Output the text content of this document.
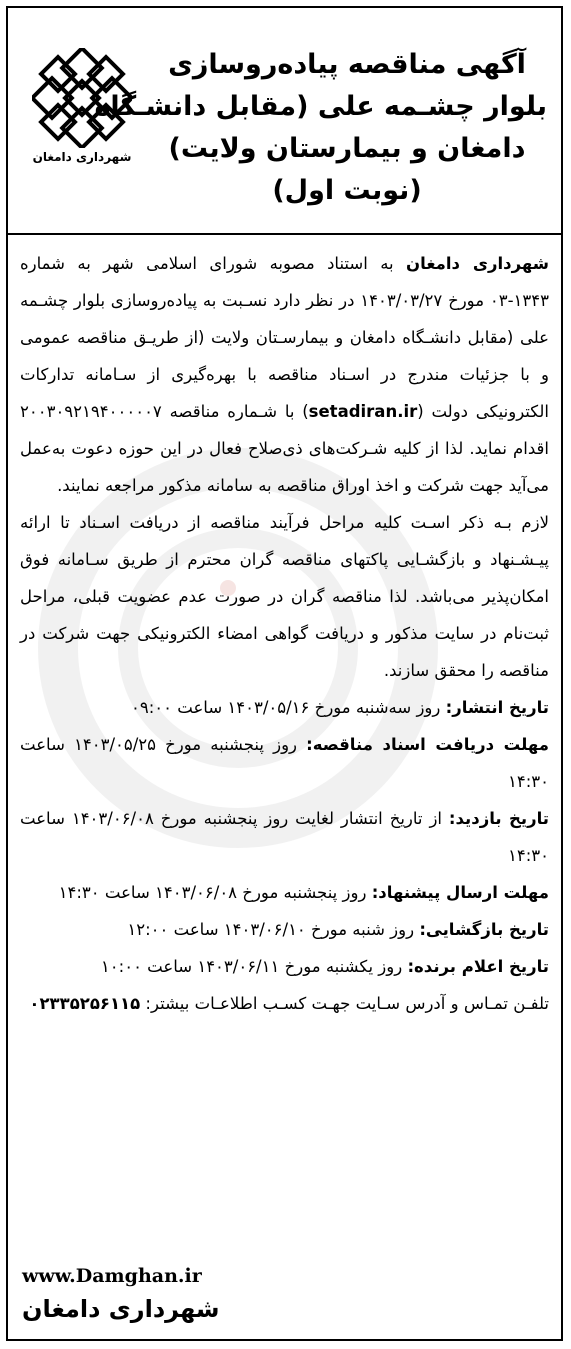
شهرداری دامغان
آگهی مناقصه پیاده‌روسازی
بلوار چشـمه علی (مقابل دانشـگاه
دامغان و بیمارستان ولایت)
(نوبت اول)

شهرداری دامغان به استناد مصوبه شورای اسلامی شهر به شماره ۱۳۴۳-۰۳ مورخ ۱۴۰۳/۰۳/۲۷ در نظر دارد نسـبت به پیاده‌روسازی بلوار چشـمه علی (مقابل دانشـگاه دامغان و بیمارسـتان ولایت (از طریـق مناقصه عمومی و با جزئیات مندرج در اسـناد مناقصه با بهره‌گیری از سـامانه تدارکات الکترونیکی دولت (setadiran.ir) با شـماره مناقصه ۲۰۰۳۰۹۲۱۹۴۰۰۰۰۰۷ اقدام نماید. لذا از کلیه شـرکت‌های ذی‌صلاح فعال در این حوزه دعوت به‌عمل می‌آید جهت شرکت و اخذ اوراق مناقصه به سامانه مذکور مراجعه نمایند.

لازم بـه ذکر اسـت کلیه مراحل فرآیند مناقصه از دریافت اسـناد تا ارائه پیـشـنهاد و بازگشـایی پاکتهای مناقصه گران محترم از طریق سـامانه فوق امکان‌پذیر می‌باشد. لذا مناقصه گران در صورت عدم عضویت قبلی، مراحل ثبت‌نام در سایت مذکور و دریافت گواهی امضاء الکترونیکی جهت شرکت در مناقصه را محقق سازند.

تاریخ انتشار: روز سه‌شنبه مورخ ۱۴۰۳/۰۵/۱۶ ساعت ۰۹:۰۰

مهلت دریافت اسناد مناقصه: روز پنجشنبه مورخ ۱۴۰۳/۰۵/۲۵ ساعت ۱۴:۳۰

تاریخ بازدید: از تاریخ انتشار لغایت روز پنجشنبه مورخ ۱۴۰۳/۰۶/۰۸ ساعت ۱۴:۳۰

مهلت ارسال پیشنهاد: روز پنجشنبه مورخ ۱۴۰۳/۰۶/۰۸ ساعت ۱۴:۳۰

تاریخ بازگشایی: روز شنبه مورخ ۱۴۰۳/۰۶/۱۰ ساعت ۱۲:۰۰

تاریخ اعلام برنده: روز یکشنبه مورخ ۱۴۰۳/۰۶/۱۱ ساعت ۱۰:۰۰

تلفـن تمـاس و آدرس سـایت جهـت کسـب اطلاعـات بیشتر: ۰۲۳۳۵۲۵۶۱۱۵

www.Damghan.ir
شهرداری دامغان
